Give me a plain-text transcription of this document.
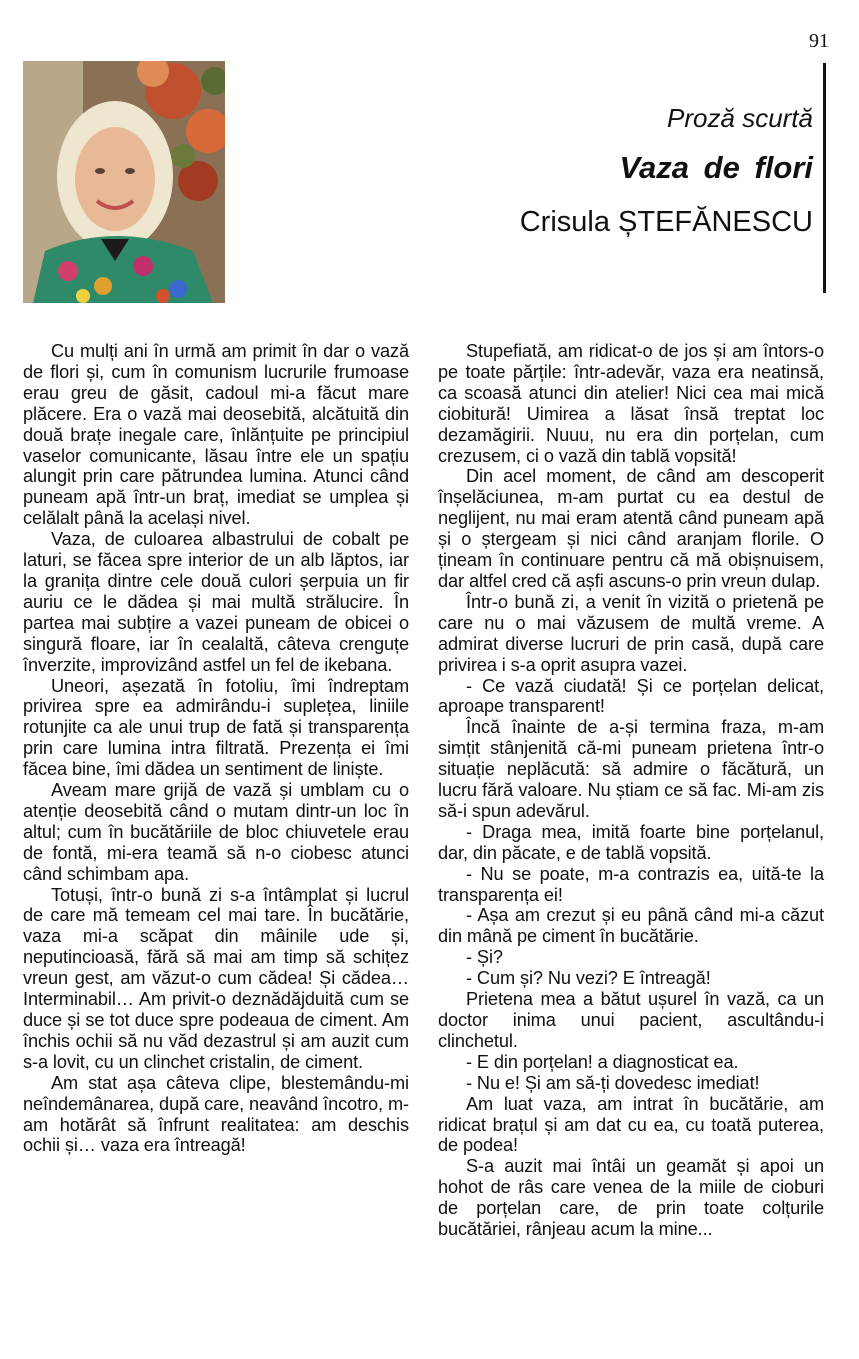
91

Proză scurtă

Vaza de flori

Crisula ȘTEFĂNESCU

Cu mulți ani în urmă am primit în dar o vază de flori și, cum în comunism lucrurile frumoase erau greu de găsit, cadoul mi-a făcut mare plăcere. Era o vază mai deosebită, alcătuită din două brațe inegale care, înlănțuite pe principiul vaselor comunicante, lăsau între ele un spațiu alungit prin care pătrundea lumina. Atunci când puneam apă într-un braț, imediat se umplea și celălalt până la același nivel.

Vaza, de culoarea albastrului de cobalt pe laturi, se făcea spre interior de un alb lăptos, iar la granița dintre cele două culori șerpuia un fir auriu ce le dădea și mai multă strălucire. În partea mai subțire a vazei puneam de obicei o singură floare, iar în cealaltă, câteva crenguțe înverzite, improvizând astfel un fel de ikebana.

Uneori, așezată în fotoliu, îmi îndreptam privirea spre ea admirându-i suplețea, liniile rotunjite ca ale unui trup de fată și transparența prin care lumina intra filtrată. Prezența ei îmi făcea bine, îmi dădea un sentiment de liniște.

Aveam mare grijă de vază și umblam cu o atenție deosebită când o mutam dintr-un loc în altul; cum în bucătăriile de bloc chiuvetele erau de fontă, mi-era teamă să n-o ciobesc atunci când schimbam apa.

Totuși, într-o bună zi s-a întâmplat și lucrul de care mă temeam cel mai tare. În bucătărie, vaza mi-a scăpat din mâinile ude și, neputincioasă, fără să mai am timp să schițez vreun gest, am văzut-o cum cădea! Și cădea… Interminabil… Am privit-o deznădăjduită cum se duce și se tot duce spre podeaua de ciment. Am închis ochii să nu văd dezastrul și am auzit cum s-a lovit, cu un clinchet cristalin, de ciment.

Am stat așa câteva clipe, blestemându-mi neîndemânarea, după care, neavând încotro, m-am hotărât să înfrunt realitatea: am deschis ochii și… vaza era întreagă!

Stupefiată, am ridicat-o de jos și am întors-o pe toate părțile: într-adevăr, vaza era neatinsă, ca scoasă atunci din atelier! Nici cea mai mică ciobitură! Uimirea a lăsat însă treptat loc dezamăgirii. Nuuu, nu era din porțelan, cum crezusem, ci o vază din tablă vopsită!

Din acel moment, de când am descoperit înșelăciunea, m-am purtat cu ea destul de neglijent, nu mai eram atentă când puneam apă și o ștergeam și nici când aranjam florile. O țineam în continuare pentru că mă obișnuisem, dar altfel cred că așfi ascuns-o prin vreun dulap.

Într-o bună zi, a venit în vizită o prietenă pe care nu o mai văzusem de multă vreme. A admirat diverse lucruri de prin casă, după care privirea i s-a oprit asupra vazei.

- Ce vază ciudată! Și ce porțelan delicat, aproape transparent!

Încă înainte de a-și termina fraza, m-am simțit stânjenită că-mi puneam prietena într-o situație neplăcută: să admire o făcătură, un lucru fără valoare. Nu știam ce să fac. Mi-am zis să-i spun adevărul.

- Draga mea, imită foarte bine porțelanul, dar, din păcate, e de tablă vopsită.

- Nu se poate, m-a contrazis ea, uită-te la transparența ei!

- Așa am crezut și eu până când mi-a căzut din mână pe ciment în bucătărie.

- Și?

- Cum și? Nu vezi? E întreagă!

Prietena mea a bătut ușurel în vază, ca un doctor inima unui pacient, ascultându-i clinchetul.

- E din porțelan! a diagnosticat ea.

- Nu e! Și am să-ți dovedesc imediat!

Am luat vaza, am intrat în bucătărie, am ridicat brațul și am dat cu ea, cu toată puterea, de podea!

S-a auzit mai întâi un geamăt și apoi un hohot de râs care venea de la miile de cioburi de porțelan care, de prin toate colțurile bucătăriei, rânjeau acum la mine...
